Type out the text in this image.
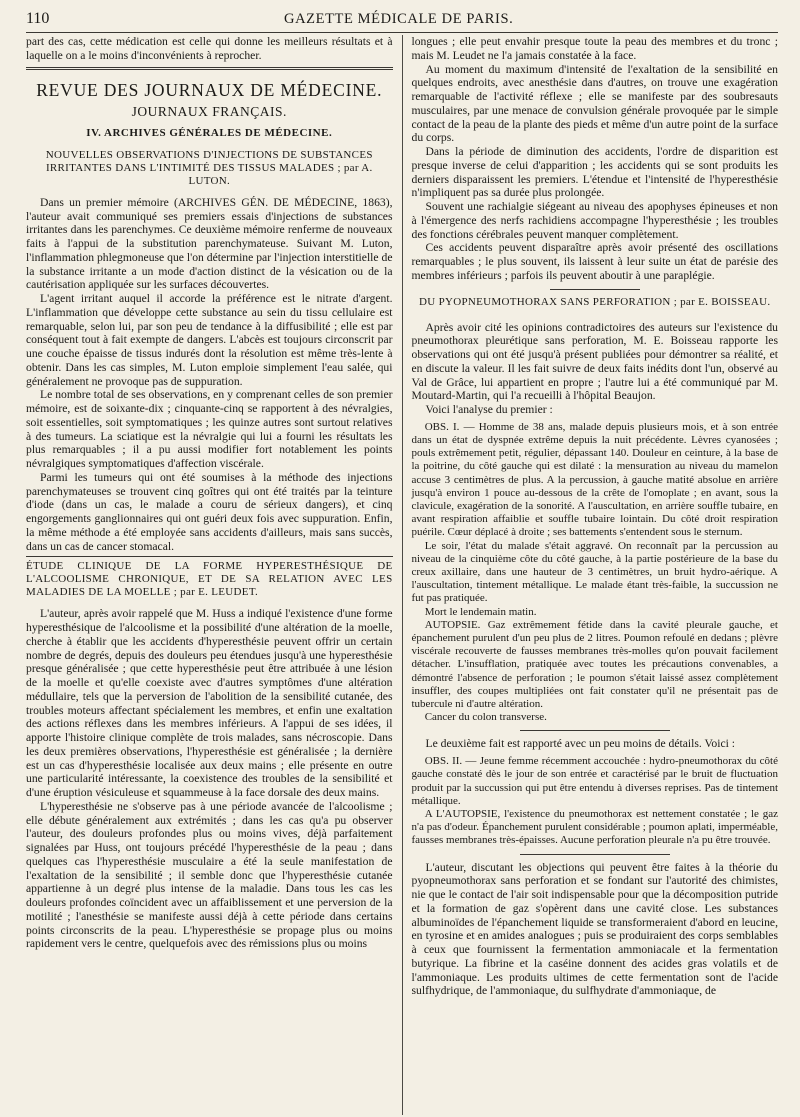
110	GAZETTE MÉDICALE DE PARIS.

part des cas, cette médication est celle qui donne les meilleurs résultats et à laquelle on a le moins d'inconvénients à reprocher.

REVUE DES JOURNAUX DE MÉDECINE.
JOURNAUX FRANÇAIS.
IV. ARCHIVES GÉNÉRALES DE MÉDECINE.
NOUVELLES OBSERVATIONS D'INJECTIONS DE SUBSTANCES IRRITANTES DANS L'INTIMITÉ DES TISSUS MALADES ; par A. LUTON.

Dans un premier mémoire (ARCHIVES GÉN. DE MÉDECINE, 1863), l'auteur avait communiqué ses premiers essais d'injections de substances irritantes dans les parenchymes. Ce deuxième mémoire renferme de nouveaux faits à l'appui de la substitution parenchymateuse. Suivant M. Luton, l'inflammation phlegmoneuse que l'on détermine par l'injection interstitielle de la substance irritante a un mode d'action distinct de la vésication ou de la cautérisation appliquée sur les surfaces découvertes.

L'agent irritant auquel il accorde la préférence est le nitrate d'argent. L'inflammation que développe cette substance au sein du tissu cellulaire est remarquable, selon lui, par son peu de tendance à la diffusibilité ; elle est par conséquent tout à fait exempte de dangers. L'abcès est toujours circonscrit par une couche épaisse de tissus indurés dont la résolution est même très-lente à obtenir. Dans les cas simples, M. Luton emploie simplement l'eau salée, qui généralement ne provoque pas de suppuration.

Le nombre total de ses observations, en y comprenant celles de son premier mémoire, est de soixante-dix ; cinquante-cinq se rapportent à des névralgies, soit essentielles, soit symptomatiques ; les quinze autres sont surtout relatives à des tumeurs. La sciatique est la névralgie qui lui a fourni les résultats les plus remarquables ; il a pu aussi modifier fort notablement les points névralgiques symptomatiques d'affection viscérale.

Parmi les tumeurs qui ont été soumises à la méthode des injections parenchymateuses se trouvent cinq goîtres qui ont été traités par la teinture d'iode (dans un cas, le malade a couru de sérieux dangers), et cinq engorgements ganglionnaires qui ont guéri deux fois avec suppuration. Enfin, la même méthode a été employée sans accidents d'ailleurs, mais sans succès, dans un cas de cancer stomacal.

ÉTUDE CLINIQUE DE LA FORME HYPERESTHÉSIQUE DE L'ALCOOLISME CHRONIQUE, ET DE SA RELATION AVEC LES MALADIES DE LA MOELLE ; par E. LEUDET.

L'auteur, après avoir rappelé que M. Huss a indiqué l'existence d'une forme hyperesthésique de l'alcoolisme et la possibilité d'une altération de la moelle, cherche à établir que les accidents d'hyperesthésie peuvent offrir un certain nombre de degrés, depuis des douleurs peu étendues jusqu'à une hyperesthésie presque généralisée ; que cette hyperesthésie peut être attribuée à une lésion de la moelle et qu'elle coexiste avec d'autres symptômes d'une altération médullaire, tels que la perversion de l'abolition de la sensibilité cutanée, des troubles moteurs affectant spécialement les membres, et enfin une exaltation des actions réflexes dans les membres inférieurs. A l'appui de ses idées, il apporte l'histoire clinique complète de trois malades, sans nécroscopie. Dans les deux premières observations, l'hyperesthésie est généralisée ; la dernière est un cas d'hyperesthésie localisée aux deux mains ; elle présente en outre une particularité intéressante, la coexistence des troubles de la sensibilité et d'une éruption vésiculeuse et squammeuse à la face dorsale des deux mains.

L'hyperesthésie ne s'observe pas à une période avancée de l'alcoolisme ; elle débute généralement aux extrémités ; dans les cas qu'a pu observer l'auteur, des douleurs profondes plus ou moins vives, déjà parfaitement signalées par Huss, ont toujours précédé l'hyperesthésie de la peau ; dans quelques cas l'hyperesthésie musculaire a été la seule manifestation de l'exaltation de la sensibilité ; il semble donc que l'hyperesthésie cutanée appartienne à un degré plus intense de la maladie. Dans tous les cas les douleurs profondes coïncident avec un affaiblissement et une perversion de la motilité ; l'anesthésie se manifeste aussi déjà à cette période dans certains points circonscrits de la peau. L'hyperesthésie se propage plus ou moins rapidement vers le centre, quelquefois avec des rémissions plus ou moins

longues ; elle peut envahir presque toute la peau des membres et du tronc ; mais M. Leudet ne l'a jamais constatée à la face.

Au moment du maximum d'intensité de l'exaltation de la sensibilité en quelques endroits, avec anesthésie dans d'autres, on trouve une exagération remarquable de l'activité réflexe ; elle se manifeste par des soubresauts musculaires, par une menace de convulsion générale provoquée par le simple contact de la peau de la plante des pieds et même d'un autre point de la surface du corps.

Dans la période de diminution des accidents, l'ordre de disparition est presque inverse de celui d'apparition ; les accidents qui se sont produits les derniers disparaissent les premiers. L'étendue et l'intensité de l'hyperesthésie n'impliquent pas sa durée plus prolongée.

Souvent une rachialgie siégeant au niveau des apophyses épineuses et non à l'émergence des nerfs rachidiens accompagne l'hyperesthésie ; les troubles des fonctions cérébrales peuvent manquer complètement.

Ces accidents peuvent disparaître après avoir présenté des oscillations remarquables ; le plus souvent, ils laissent à leur suite un état de parésie des membres inférieurs ; parfois ils peuvent aboutir à une paraplégie.

DU PYOPNEUMOTHORAX SANS PERFORATION ; par E. BOISSEAU.

Après avoir cité les opinions contradictoires des auteurs sur l'existence du pneumothorax pleurétique sans perforation, M. E. Boisseau rapporte les observations qui ont été jusqu'à présent publiées pour démontrer sa réalité, et en discute la valeur. Il les fait suivre de deux faits inédits dont l'un, observé au Val de Grâce, lui appartient en propre ; l'autre lui a été communiqué par M. Moutard-Martin, qui l'a recueilli à l'hôpital Beaujon.

Voici l'analyse du premier :

OBS. I. — Homme de 38 ans, malade depuis plusieurs mois, et à son entrée dans un état de dyspnée extrême depuis la nuit précédente. Lèvres cyanosées ; pouls extrêmement petit, régulier, dépassant 140. Douleur en ceinture, à la base de la poitrine, du côté gauche qui est dilaté : la mensuration au niveau du mamelon accuse 3 centimètres de plus. A la percussion, à gauche matité absolue en arrière jusqu'à environ 1 pouce au-dessous de la crête de l'omoplate ; en avant, sous la clavicule, exagération de la sonorité. A l'auscultation, en arrière souffle tubaire, en avant respiration affaiblie et souffle tubaire lointain. Du côté droit respiration puérile. Cœur déplacé à droite ; ses battements s'entendent sous le sternum.

Le soir, l'état du malade s'était aggravé. On reconnaît par la percussion au niveau de la cinquième côte du côté gauche, à la partie postérieure de la base du creux axillaire, dans une hauteur de 3 centimètres, un bruit hydro-aérique. A l'auscultation, tintement métallique. Le malade étant très-faible, la succussion ne fut pas pratiquée.

Mort le lendemain matin.

AUTOPSIE. Gaz extrêmement fétide dans la cavité pleurale gauche, et épanchement purulent d'un peu plus de 2 litres. Poumon refoulé en dedans ; plèvre viscérale recouverte de fausses membranes très-molles qu'on pouvait facilement détacher. L'insufflation, pratiquée avec toutes les précautions convenables, a démontré l'absence de perforation ; le poumon s'était laissé assez complètement insuffler, des coupes multipliées ont fait constater qu'il ne présentait pas de tubercule ni d'autre altération.

Cancer du colon transverse.

Le deuxième fait est rapporté avec un peu moins de détails. Voici :

OBS. II. — Jeune femme récemment accouchée : hydro-pneumothorax du côté gauche constaté dès le jour de son entrée et caractérisé par le bruit de fluctuation produit par la succussion qui put être entendu à diverses reprises. Pas de tintement métallique.

A L'AUTOPSIE, l'existence du pneumothorax est nettement constatée ; le gaz n'a pas d'odeur. Épanchement purulent considérable ; poumon aplati, imperméable, fausses membranes très-épaisses. Aucune perforation pleurale n'a pu être trouvée.

L'auteur, discutant les objections qui peuvent être faites à la théorie du pyopneumothorax sans perforation et se fondant sur l'autorité des chimistes, nie que le contact de l'air soit indispensable pour que la décomposition putride et la formation de gaz s'opèrent dans une cavité close. Les substances albuminoïdes de l'épanchement liquide se transformeraient d'abord en leucine, en tyrosine et en amides analogues ; puis se produiraient des corps semblables à ceux que fournissent la fermentation ammoniacale et la fermentation butyrique. La fibrine et la caséine donnent des acides gras volatils et de l'ammoniaque. Les produits ultimes de cette fermentation sont de l'acide sulfhydrique, de l'ammoniaque, du sulfhydrate d'ammoniaque, de
